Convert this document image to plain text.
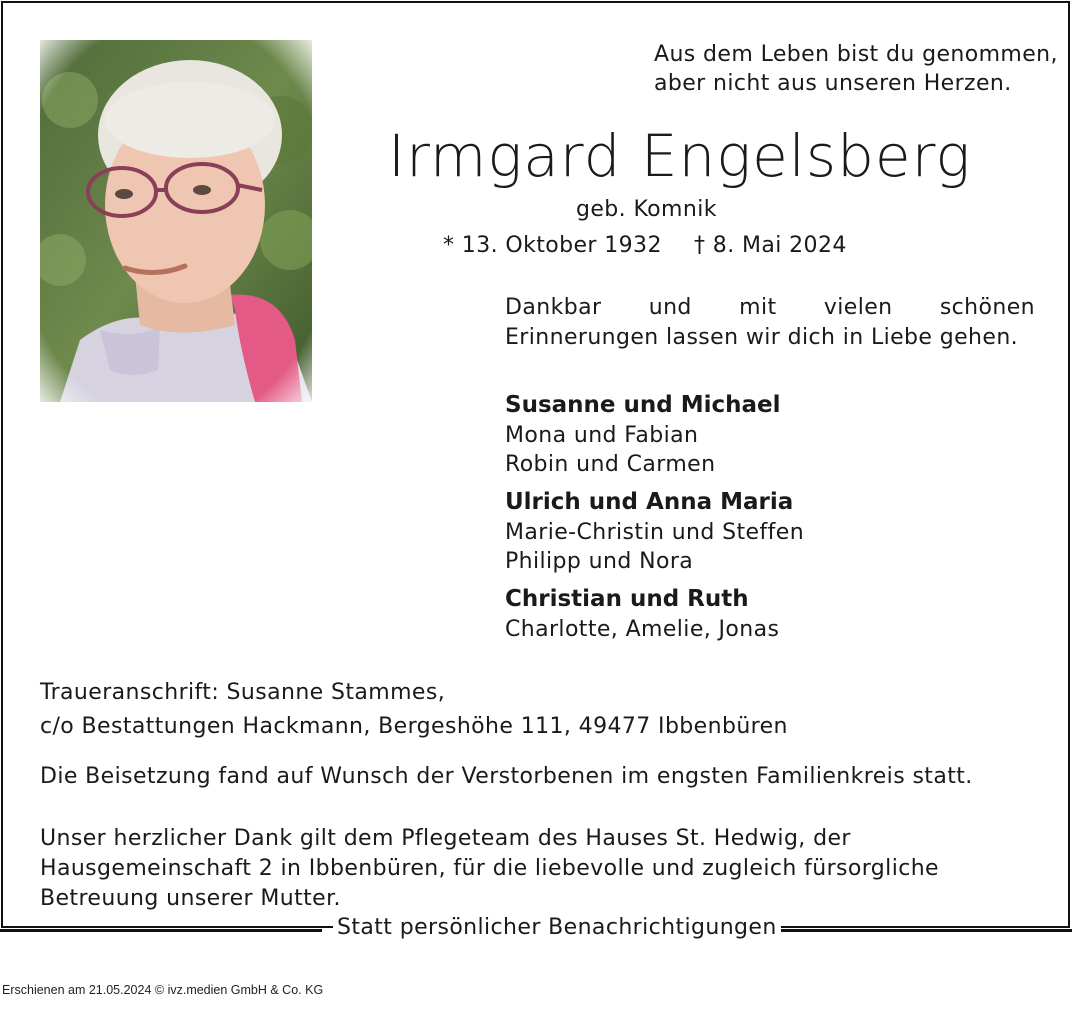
Aus dem Leben bist du genommen,
aber nicht aus unseren Herzen.
Irmgard Engelsberg
geb. Komnik
* 13. Oktober 1932 † 8. Mai 2024
Dankbar und mit vielen schönen Erinnerungen lassen wir dich in Liebe gehen.
Susanne und Michael
Mona und Fabian
Robin und Carmen
Ulrich und Anna Maria
Marie-Christin und Steffen
Philipp und Nora
Christian und Ruth
Charlotte, Amelie, Jonas
Traueranschrift: Susanne Stammes,
c/o Bestattungen Hackmann, Bergeshöhe 111, 49477 Ibbenbüren
Die Beisetzung fand auf Wunsch der Verstorbenen im engsten Familienkreis statt.
Unser herzlicher Dank gilt dem Pflegeteam des Hauses St. Hedwig, der Hausgemeinschaft 2 in Ibbenbüren, für die liebevolle und zugleich fürsorgliche Betreuung unserer Mutter.
Statt persönlicher Benachrichtigungen
Erschienen am 21.05.2024 © ivz.medien GmbH & Co. KG
